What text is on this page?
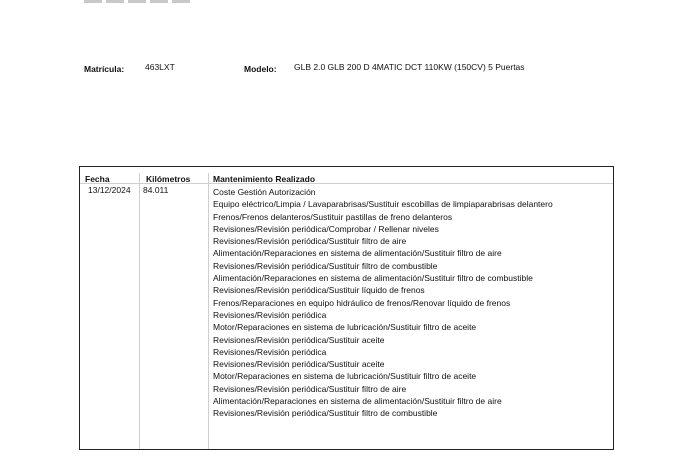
Matrícula: 463LXT	Modelo: GLB 2.0 GLB 200 D 4MATIC DCT 110KW (150CV) 5 Puertas
Fecha	Kilómetros	Mantenimiento Realizado
13/12/2024 84.011	Coste Gestión Autorización
Equipo eléctrico/Limpia / Lavaparabrisas/Sustituir escobillas de limpiaparabrisas delantero
Frenos/Frenos delanteros/Sustituir pastillas de freno delanteros
Revisiones/Revisión periódica/Comprobar / Rellenar niveles
Revisiones/Revisión periódica/Sustituir filtro de aire
Alimentación/Reparaciones en sistema de alimentación/Sustituir filtro de aire
Revisiones/Revisión periódica/Sustituir filtro de combustible
Alimentación/Reparaciones en sistema de alimentación/Sustituir filtro de combustible
Revisiones/Revisión periódica/Sustituir líquido de frenos
Frenos/Reparaciones en equipo hidráulico de frenos/Renovar líquido de frenos
Revisiones/Revisión periódica
Motor/Reparaciones en sistema de lubricación/Sustituir filtro de aceite
Revisiones/Revisión periódica/Sustituir aceite
Revisiones/Revisión periódica
Revisiones/Revisión periódica/Sustituir aceite
Motor/Reparaciones en sistema de lubricación/Sustituir filtro de aceite
Revisiones/Revisión periódica/Sustituir filtro de aire
Alimentación/Reparaciones en sistema de alimentación/Sustituir filtro de aire
Revisiones/Revisión periódica/Sustituir filtro de combustible
